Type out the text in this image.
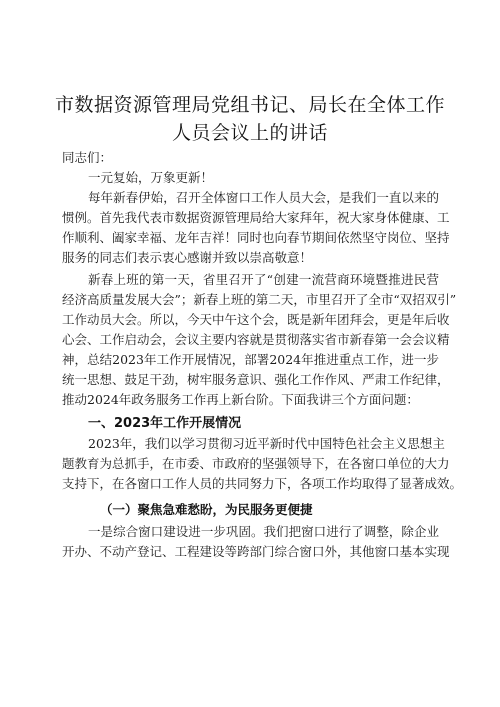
市数据资源管理局党组书记、局长在全体工作
人员会议上的讲话
同志们：
一元复始，万象更新！
每年新春伊始，召开全体窗口工作人员大会，是我们一直以来的
惯例。首先我代表市数据资源管理局给大家拜年，祝大家身体健康、工
作顺利、阖家幸福、龙年吉祥！同时也向春节期间依然坚守岗位、坚持
服务的同志们表示衷心感谢并致以崇高敬意！
新春上班的第一天，省里召开了“创建一流营商环境暨推进民营
经济高质量发展大会”；新春上班的第二天，市里召开了全市“双招双引”
工作动员大会。所以，今天中午这个会，既是新年团拜会，更是年后收
心会、工作启动会，会议主要内容就是贯彻落实省市新春第一会会议精
神，总结2023年工作开展情况，部署2024年推进重点工作，进一步
统一思想、鼓足干劲，树牢服务意识、强化工作作风、严肃工作纪律，
推动2024年政务服务工作再上新台阶。下面我讲三个方面问题：
一、2023年工作开展情况
2023年，我们以学习贯彻习近平新时代中国特色社会主义思想主
题教育为总抓手，在市委、市政府的坚强领导下，在各窗口单位的大力
支持下，在各窗口工作人员的共同努力下，各项工作均取得了显著成效。
（一）聚焦急难愁盼，为民服务更便捷
一是综合窗口建设进一步巩固。我们把窗口进行了调整，除企业
开办、不动产登记、工程建设等跨部门综合窗口外，其他窗口基本实现
